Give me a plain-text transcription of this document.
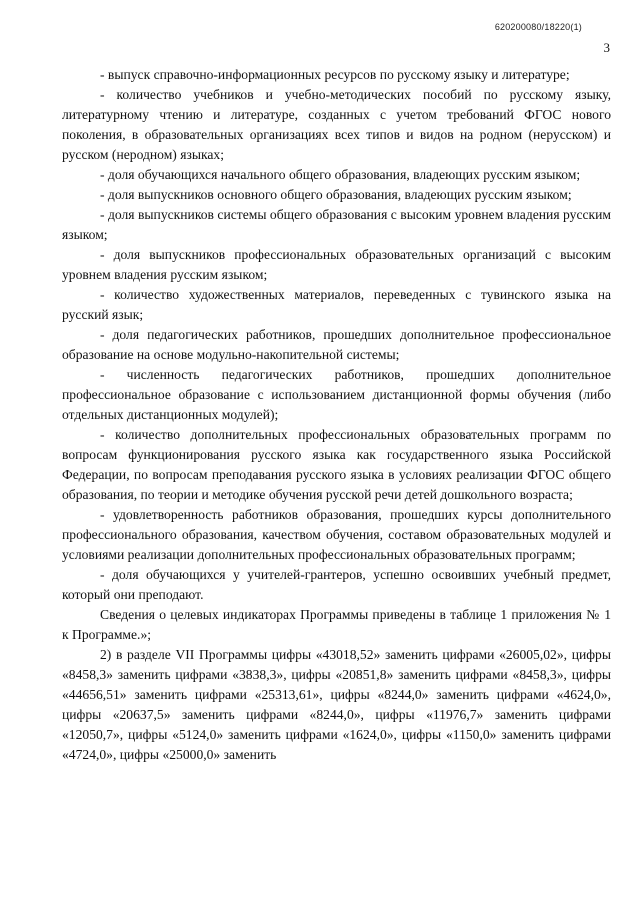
620200080/18220(1)
3

- выпуск справочно-информационных ресурсов по русскому языку и литературе;

- количество учебников и учебно-методических пособий по русскому языку, литературному чтению и литературе, созданных с учетом требований ФГОС нового поколения, в образовательных организациях всех типов и видов на родном (нерусском) и русском (неродном) языках;

- доля обучающихся начального общего образования, владеющих русским языком;

- доля выпускников основного общего образования, владеющих русским языком;

- доля выпускников системы общего образования с высоким уровнем владения русским языком;

- доля выпускников профессиональных образовательных организаций с высоким уровнем владения русским языком;

- количество художественных материалов, переведенных с тувинского языка на русский язык;

- доля педагогических работников, прошедших дополнительное профессиональное образование на основе модульно-накопительной системы;

- численность педагогических работников, прошедших дополнительное профессиональное образование с использованием дистанционной формы обучения (либо отдельных дистанционных модулей);

- количество дополнительных профессиональных образовательных программ по вопросам функционирования русского языка как государственного языка Российской Федерации, по вопросам преподавания русского языка в условиях реализации ФГОС общего образования, по теории и методике обучения русской речи детей дошкольного возраста;

- удовлетворенность работников образования, прошедших курсы дополнительного профессионального образования, качеством обучения, составом образовательных модулей и условиями реализации дополнительных профессиональных образовательных программ;

- доля обучающихся у учителей-грантеров, успешно освоивших учебный предмет, который они преподают.

Сведения о целевых индикаторах Программы приведены в таблице 1 приложения № 1 к Программе.»;

2) в разделе VII Программы цифры «43018,52» заменить цифрами «26005,02», цифры «8458,3» заменить цифрами «3838,3», цифры «20851,8» заменить цифрами «8458,3», цифры «44656,51» заменить цифрами «25313,61», цифры «8244,0» заменить цифрами «4624,0», цифры «20637,5» заменить цифрами «8244,0», цифры «11976,7» заменить цифрами «12050,7», цифры «5124,0» заменить цифрами «1624,0», цифры «1150,0» заменить цифрами «4724,0», цифры «25000,0» заменить
